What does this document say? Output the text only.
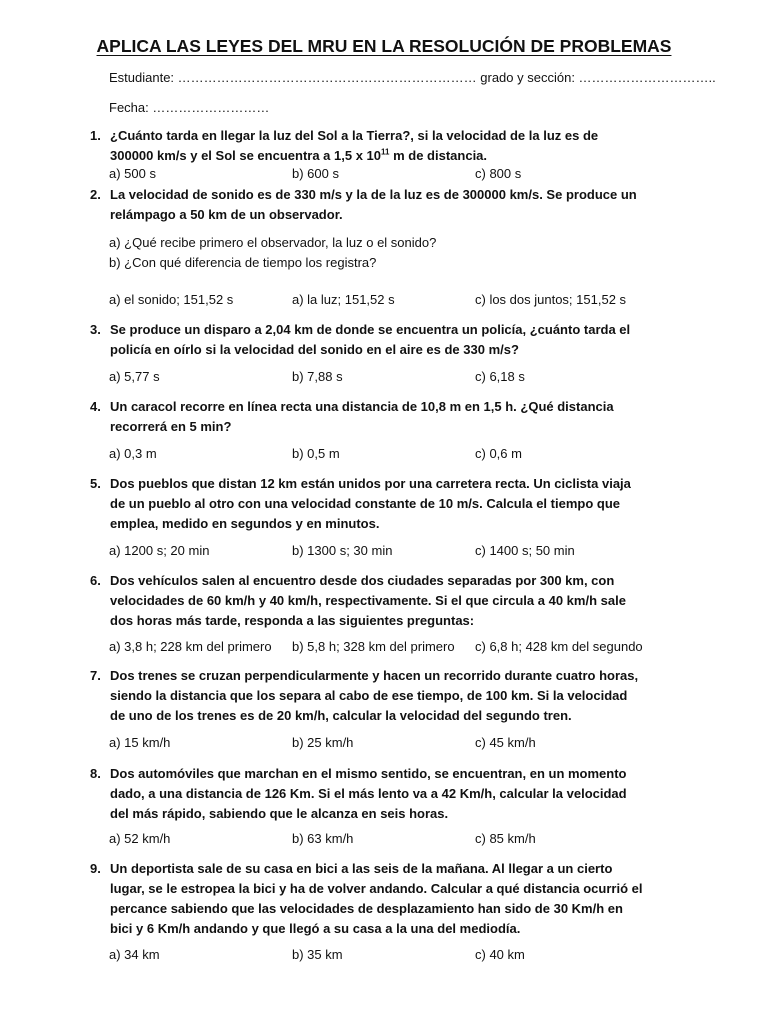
APLICA LAS LEYES DEL MRU EN LA RESOLUCIÓN DE PROBLEMAS
Estudiante: …………………………………………………………… grado y sección: …………………………..
Fecha: ………………………
1. ¿Cuánto tarda en llegar la luz del Sol a la Tierra?, si la velocidad de la luz es de
300000 km/s y el Sol se encuentra a 1,5 x $10^{11}$ m de distancia.
a) 500 s	b) 600 s	c) 800 s
2. La velocidad de sonido es de 330 m/s y la de la luz es de 300000 km/s. Se produce un
relámpago a 50 km de un observador.
a) ¿Qué recibe primero el observador, la luz o el sonido?
b) ¿Con qué diferencia de tiempo los registra?
a) el sonido; 151,52 s	a) la luz; 151,52 s	c) los dos juntos; 151,52 s
3. Se produce un disparo a 2,04 km de donde se encuentra un policía, ¿cuánto tarda el
policía en oírlo si la velocidad del sonido en el aire es de 330 m/s?
a) 5,77 s	b) 7,88 s	c) 6,18 s
4. Un caracol recorre en línea recta una distancia de 10,8 m en 1,5 h. ¿Qué distancia
recorrerá en 5 min?
a) 0,3 m	b) 0,5 m	c) 0,6 m
5. Dos pueblos que distan 12 km están unidos por una carretera recta. Un ciclista viaja
de un pueblo al otro con una velocidad constante de 10 m/s. Calcula el tiempo que
emplea, medido en segundos y en minutos.
a) 1200 s; 20 min	b) 1300 s; 30 min	c) 1400 s; 50 min
6. Dos vehículos salen al encuentro desde dos ciudades separadas por 300 km, con
velocidades de 60 km/h y 40 km/h, respectivamente. Si el que circula a 40 km/h sale
dos horas más tarde, responda a las siguientes preguntas:
a) 3,8 h; 228 km del primero b) 5,8 h; 328 km del primero c) 6,8 h; 428 km del segundo
7. Dos trenes se cruzan perpendicularmente y hacen un recorrido durante cuatro horas,
siendo la distancia que los separa al cabo de ese tiempo, de 100 km. Si la velocidad
de uno de los trenes es de 20 km/h, calcular la velocidad del segundo tren.
a) 15 km/h	b) 25 km/h	c) 45 km/h
8. Dos automóviles que marchan en el mismo sentido, se encuentran, en un momento
dado, a una distancia de 126 Km. Si el más lento va a 42 Km/h, calcular la velocidad
del más rápido, sabiendo que le alcanza en seis horas.
a) 52 km/h	b) 63 km/h	c) 85 km/h
9. Un deportista sale de su casa en bici a las seis de la mañana. Al llegar a un cierto
lugar, se le estropea la bici y ha de volver andando. Calcular a qué distancia ocurrió el
percance sabiendo que las velocidades de desplazamiento han sido de 30 Km/h en
bici y 6 Km/h andando y que llegó a su casa a la una del mediodía.
a) 34 km	b) 35 km	c) 40 km
